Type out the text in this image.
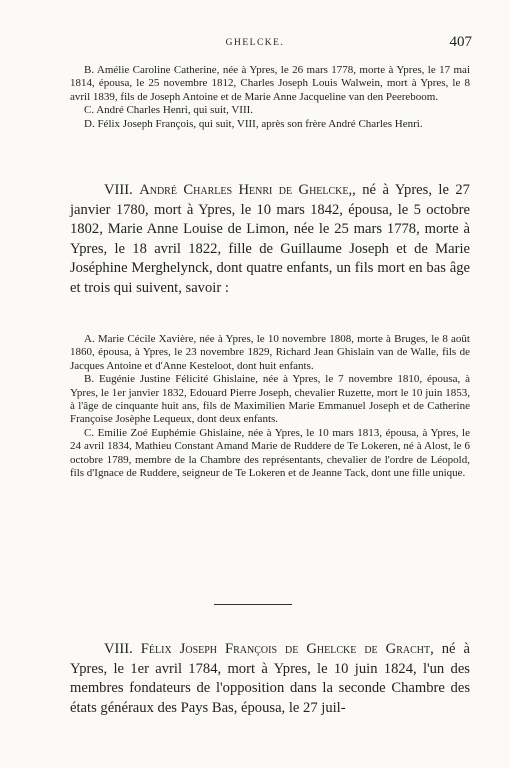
GHELCKE.	407

B. Amélie Caroline Catherine, née à Ypres, le 26 mars 1778, morte à Ypres, le 17 mai 1814, épousa, le 25 novembre 1812, Charles Joseph Louis Walwein, mort à Ypres, le 8 avril 1839, fils de Joseph Antoine et de Marie Anne Jacqueline van den Peereboom.

C. André Charles Henri, qui suit, VIII.

D. Félix Joseph François, qui suit, VIII, après son frère André Charles Henri.

VIII. André Charles Henri de Ghelcke,, né à Ypres, le 27 janvier 1780, mort à Ypres, le 10 mars 1842, épousa, le 5 octobre 1802, Marie Anne Louise de Limon, née le 25 mars 1778, morte à Ypres, le 18 avril 1822, fille de Guillaume Joseph et de Marie Joséphine Merghelynck, dont quatre enfants, un fils mort en bas âge et trois qui suivent, savoir :

A. Marie Cécile Xavière, née à Ypres, le 10 novembre 1808, morte à Bruges, le 8 août 1860, épousa, à Ypres, le 23 novembre 1829, Richard Jean Ghislain van de Walle, fils de Jacques Antoine et d'Anne Kesteloot, dont huit enfants.

B. Eugénie Justine Félicité Ghislaine, née à Ypres, le 7 novembre 1810, épousa, à Ypres, le 1er janvier 1832, Edouard Pierre Joseph, chevalier Ruzette, mort le 10 juin 1853, à l'âge de cinquante huit ans, fils de Maximilien Marie Emmanuel Joseph et de Catherine Françoise Josèphe Lequeux, dont deux enfants.

C. Emilie Zoé Euphémie Ghislaine, née à Ypres, le 10 mars 1813, épousa, à Ypres, le 24 avril 1834, Mathieu Constant Amand Marie de Ruddere de Te Lokeren, né à Alost, le 6 octobre 1789, membre de la Chambre des représentants, chevalier de l'ordre de Léopold, fils d'Ignace de Ruddere, seigneur de Te Lokeren et de Jeanne Tack, dont une fille unique.

VIII. Félix Joseph François de Ghelcke de Gracht, né à Ypres, le 1er avril 1784, mort à Ypres, le 10 juin 1824, l'un des membres fondateurs de l'opposition dans la seconde Chambre des états généraux des Pays Bas, épousa, le 27 juil-
